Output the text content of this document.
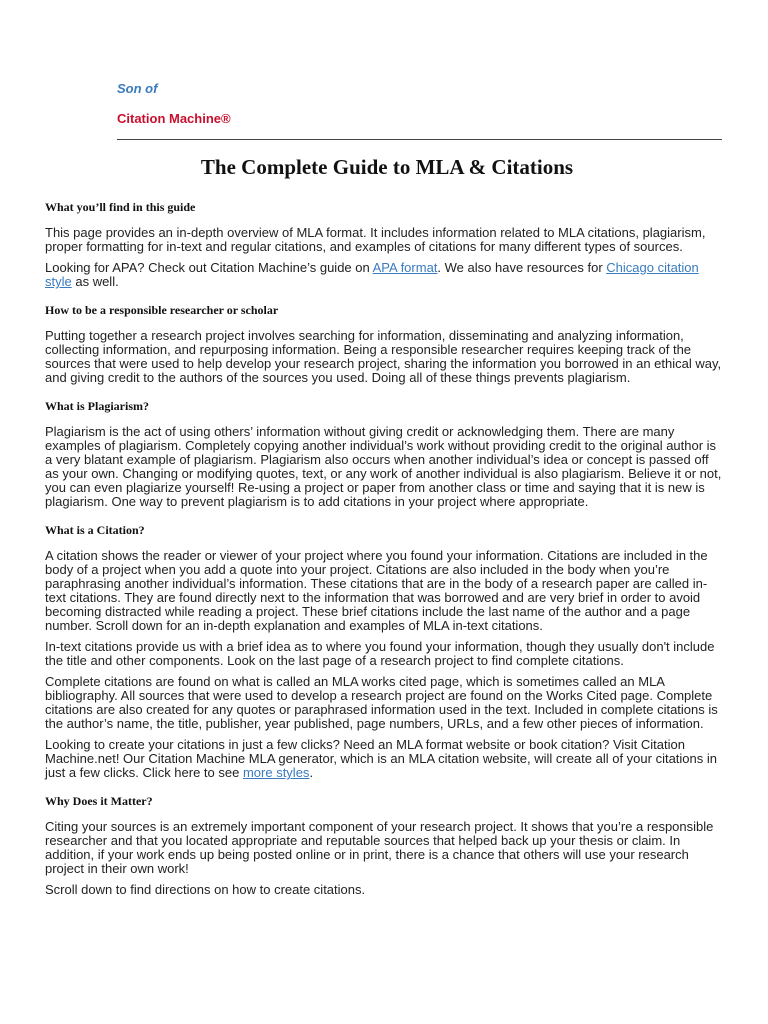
Son of
Citation Machine®
The Complete Guide to MLA & Citations
What you’ll find in this guide

This page provides an in-depth overview of MLA format. It includes information related to MLA citations, plagiarism, proper formatting for in-text and regular citations, and examples of citations for many different types of sources.

Looking for APA? Check out Citation Machine’s guide on APA format. We also have resources for Chicago citation style as well.

How to be a responsible researcher or scholar

Putting together a research project involves searching for information, disseminating and analyzing information, collecting information, and repurposing information. Being a responsible researcher requires keeping track of the sources that were used to help develop your research project, sharing the information you borrowed in an ethical way, and giving credit to the authors of the sources you used. Doing all of these things prevents plagiarism.

What is Plagiarism?

Plagiarism is the act of using others’ information without giving credit or acknowledging them. There are many examples of plagiarism. Completely copying another individual’s work without providing credit to the original author is a very blatant example of plagiarism. Plagiarism also occurs when another individual’s idea or concept is passed off as your own. Changing or modifying quotes, text, or any work of another individual is also plagiarism. Believe it or not, you can even plagiarize yourself! Re-using a project or paper from another class or time and saying that it is new is plagiarism. One way to prevent plagiarism is to add citations in your project where appropriate.

What is a Citation?

A citation shows the reader or viewer of your project where you found your information. Citations are included in the body of a project when you add a quote into your project. Citations are also included in the body when you’re paraphrasing another individual’s information. These citations that are in the body of a research paper are called in-text citations. They are found directly next to the information that was borrowed and are very brief in order to avoid becoming distracted while reading a project. These brief citations include the last name of the author and a page number. Scroll down for an in-depth explanation and examples of MLA in-text citations.

In-text citations provide us with a brief idea as to where you found your information, though they usually don't include the title and other components. Look on the last page of a research project to find complete citations.

Complete citations are found on what is called an MLA works cited page, which is sometimes called an MLA bibliography. All sources that were used to develop a research project are found on the Works Cited page. Complete citations are also created for any quotes or paraphrased information used in the text. Included in complete citations is the author’s name, the title, publisher, year published, page numbers, URLs, and a few other pieces of information.

Looking to create your citations in just a few clicks? Need an MLA format website or book citation? Visit Citation Machine.net! Our Citation Machine MLA generator, which is an MLA citation website, will create all of your citations in just a few clicks. Click here to see more styles.

Why Does it Matter?

Citing your sources is an extremely important component of your research project. It shows that you’re a responsible researcher and that you located appropriate and reputable sources that helped back up your thesis or claim. In addition, if your work ends up being posted online or in print, there is a chance that others will use your research project in their own work!

Scroll down to find directions on how to create citations.
